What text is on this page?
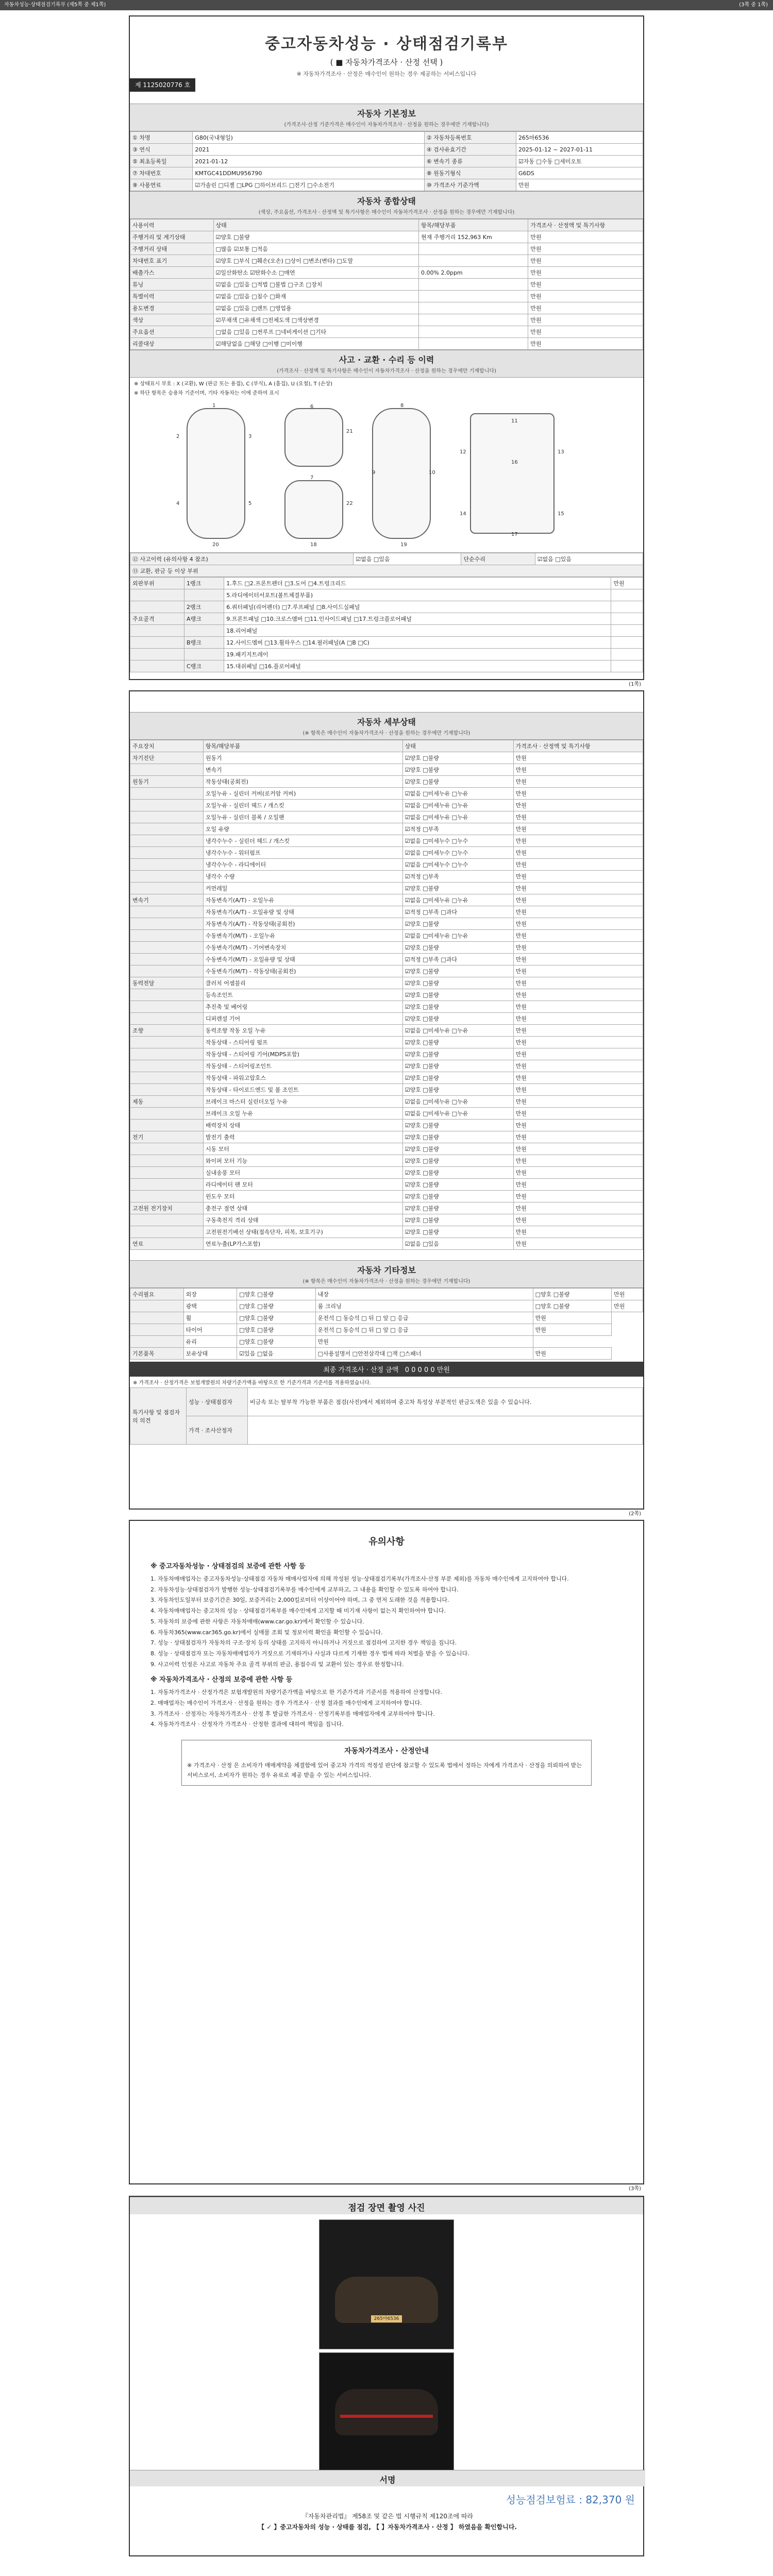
자동차성능·상태점검기록부 (제5쪽 중 제1쪽)	(3쪽 중 1쪽)
중고자동차성능 · 상태점검기록부
( ■ 자동차가격조사 · 산정 선택 )
※ 자동차가격조사 · 산정은 매수인이 원하는 경우 제공하는 서비스입니다
제 1125020776 호
자동차 기본정보
(가격조사·산정 기준가격은 매수인이 자동차가격조사 · 산정을 원하는 경우에만 기재합니다)
① 차명	G80(국내형일)	② 자동차등록번호	265마6536
③ 연식	2021	④ 검사유효기간	2025-01-12 ~ 2027-01-11
⑤ 최초등록일	2021-01-12	⑥ 변속기 종류	☑자동 □수동 □세미오토
⑦ 차대번호	KMTGC41DDMU956790	⑧ 원동기형식	G6DS
⑨ 사용연료	☑가솔린 □디젤 □LPG □하이브리드 □전기 □수소전기	⑩ 가격조사 기준가액	만원
자동차 종합상태
(색상, 주요옵션, 가격조사 · 산정액 및 특기사항은 매수인이 자동차가격조사 · 산정을 원하는 경우에만 기재합니다)
사용이력	상태	항목/해당부품	가격조사 · 산정액 및 특기사항
주행거리 및 계기상태	☑양호 □불량	현재 주행거리 152,963 Km	만원
주행거리 상태	□많음 ☑보통 □적음		만원
차대번호 표기	☑양호 □부식 □훼손(오손) □상이 □변조(변타) □도말		만원
배출가스	☑일산화탄소 ☑탄화수소 □매연	0.00% 2.0ppm	만원
튜닝	☑없음 □있음 □적법 □불법 □구조 □장치		만원
특별이력	☑없음 □있음 □침수 □화재		만원
용도변경	☑없음 □있음 □렌트 □영업용		만원
색상	☑무채색 □유채색 □전체도색 □색상변경		만원
주요옵션	□없음 □있음 □썬루프 □네비게이션 □기타		만원
리콜대상	☑해당없음 □해당 □이행 □미이행		만원
사고 · 교환 · 수리 등 이력
(가격조사 · 산정액 및 특기사항은 매수인이 자동차가격조사 · 산정을 원하는 경우에만 기재합니다)
※ 상태표시 부호 : X (교환), W (판금 또는 용접), C (부식), A (흠집), U (요철), T (손상)
※ 하단 항목은 승용차 기준이며, 기타 자동차는 이에 준하여 표시
1
2	3
4	5
6
7
8
9	10
11
12	13
14	15
16
17
18	19
20
21
22
⑫ 사고이력 (유의사항 4 참조)	☑없음 □있음	단순수리	☑없음 □있음
⑬ 교환, 판금 등 이상 부위
외판부위	1랭크	1.후드 □2.프론트펜더 □3.도어 □4.트렁크리드	만원
		5.라디에이터서포트(볼트체결부품)	
	2랭크	6.쿼터패널(리어펜더) □7.루프패널 □8.사이드실패널	
주요골격	A랭크	9.프론트패널 □10.크로스멤버 □11.인사이드패널 □17.트렁크플로어패널	
		18.리어패널	
	B랭크	12.사이드멤버 □13.휠하우스 □14.필러패널(A □B □C)	
		19.패키지트레이	
	C랭크	15.대쉬패널 □16.플로어패널	
(1쪽)
자동차 세부상태
(※ 항목은 매수인이 자동차가격조사 · 산정을 원하는 경우에만 기재합니다)
주요장치	항목/해당부품	상태	가격조사 · 산정액 및 특기사항
자기진단	원동기	☑양호 □불량	만원
	변속기	☑양호 □불량	만원
원동기	작동상태(공회전)	☑양호 □불량	만원
	오일누유 - 실린더 커버(로커암 커버)	☑없음 □미세누유 □누유	만원
	오일누유 - 실린더 헤드 / 개스킷	☑없음 □미세누유 □누유	만원
	오일누유 - 실린더 블록 / 오일팬	☑없음 □미세누유 □누유	만원
	오일 유량	☑적정 □부족	만원
	냉각수누수 - 실린더 헤드 / 개스킷	☑없음 □미세누수 □누수	만원
	냉각수누수 - 워터펌프	☑없음 □미세누수 □누수	만원
	냉각수누수 - 라디에이터	☑없음 □미세누수 □누수	만원
	냉각수 수량	☑적정 □부족	만원
	커먼레일	☑양호 □불량	만원
변속기	자동변속기(A/T) - 오일누유	☑없음 □미세누유 □누유	만원
	자동변속기(A/T) - 오일유량 및 상태	☑적정 □부족 □과다	만원
	자동변속기(A/T) - 작동상태(공회전)	☑양호 □불량	만원
	수동변속기(M/T) - 오일누유	☑없음 □미세누유 □누유	만원
	수동변속기(M/T) - 기어변속장치	☑양호 □불량	만원
	수동변속기(M/T) - 오일유량 및 상태	☑적정 □부족 □과다	만원
	수동변속기(M/T) - 작동상태(공회전)	☑양호 □불량	만원
동력전달	클러치 어셈블리	☑양호 □불량	만원
	등속조인트	☑양호 □불량	만원
	추진축 및 베어링	☑양호 □불량	만원
	디퍼렌셜 기어	☑양호 □불량	만원
조향	동력조향 작동 오일 누유	☑없음 □미세누유 □누유	만원
	작동상태 - 스티어링 펌프	☑양호 □불량	만원
	작동상태 - 스티어링 기어(MDPS포함)	☑양호 □불량	만원
	작동상태 - 스티어링조인트	☑양호 □불량	만원
	작동상태 - 파워고압호스	☑양호 □불량	만원
	작동상태 - 타이로드엔드 및 볼 조인트	☑양호 □불량	만원
제동	브레이크 마스터 실린더오일 누유	☑없음 □미세누유 □누유	만원
	브레이크 오일 누유	☑없음 □미세누유 □누유	만원
	배력장치 상태	☑양호 □불량	만원
전기	발전기 출력	☑양호 □불량	만원
	시동 모터	☑양호 □불량	만원
	와이퍼 모터 기능	☑양호 □불량	만원
	실내송풍 모터	☑양호 □불량	만원
	라디에이터 팬 모터	☑양호 □불량	만원
	윈도우 모터	☑양호 □불량	만원
고전원 전기장치	충전구 절연 상태	☑양호 □불량	만원
	구동축전지 격리 상태	☑양호 □불량	만원
	고전원전기배선 상태(접속단자, 피복, 보호기구)	☑양호 □불량	만원
연료	연료누출(LP가스포함)	☑없음 □있음	만원
자동차 기타정보
(※ 항목은 매수인이 자동차가격조사 · 산정을 원하는 경우에만 기재합니다)
수리필요	외장	□양호 □불량	내장	□양호 □불량	만원
	광택	□양호 □불량	룸 크리닝	□양호 □불량	만원
	휠	□양호 □불량	운전석 □ 동승석 □ 뒤 □ 앞 □ 응급	만원	
	타이어	□양호 □불량	운전석 □ 동승석 □ 뒤 □ 앞 □ 응급	만원	
	유리	□양호 □불량	만원		
기본품목	보유상태	☑있음 □없음	□사용설명서 □안전삼각대 □잭 □스패너	만원	
최종 가격조사 · 산정 금액 0 0 0 0 0 만원
※ 가격조사 · 산정가격은 보험개발원의 차량기준가액을 바탕으로 한 기준가격과 기준서를 적용하였습니다.
특기사항 및 점검자의 의견	성능 · 상태점검자	비금속 또는 탈부착 가능한 부품은 점검(사진)에서 제외하며 중고차 특성상 부분적인 판금도색은 있을 수 있습니다.
	가격 · 조사산정자	
(2쪽)
유의사항
※ 중고자동차성능 · 상태점검의 보증에 관한 사항 등

1. 자동차매매업자는 중고자동차성능·상태점검 자동차 매매사업자에 의해 작성된 성능·상태점검기록부(가격조사·산정 부분 제외)를 자동차 매수인에게 고지하여야 합니다.

2. 자동차성능·상태점검자가 발행한 성능·상태점검기록부를 매수인에게 교부하고, 그 내용을 확인할 수 있도록 하여야 합니다.

3. 자동차인도일부터 보증기간은 30일, 보증거리는 2,000킬로미터 이상이어야 하며, 그 중 먼저 도래한 것을 적용합니다.

4. 자동차매매업자는 중고차의 성능 · 상태점검기록부를 매수인에게 고지할 때 미기재 사항이 없는지 확인하여야 합니다.

5. 자동차의 보증에 관한 사항은 자동차매매(www.car.go.kr)에서 확인할 수 있습니다.

6. 자동차365(www.car365.go.kr)에서 실매물 조회 및 정보이력 확인을 확인할 수 있습니다.

7. 성능 · 상태점검자가 자동차의 구조·장치 등의 상태를 고지하지 아니하거나 거짓으로 점검하여 고지한 경우 책임을 집니다.

8. 성능 · 상태점검자 또는 자동차매매업자가 거짓으로 기재하거나 사실과 다르게 기재한 경우 법에 따라 처벌을 받을 수 있습니다.

9. 사고이력 인정은 사고로 자동차 주요 골격 부위의 판금, 용접수리 및 교환이 있는 경우로 한정합니다.

※ 자동차가격조사 · 산정의 보증에 관한 사항 등

1. 자동차가격조사 · 산정가격은 보험개발원의 차량기준가액을 바탕으로 한 기준가격과 기준서를 적용하여 산정합니다.

2. 매매업자는 매수인이 가격조사 · 산정을 원하는 경우 가격조사 · 산정 결과를 매수인에게 고지하여야 합니다.

3. 가격조사 · 산정자는 자동차가격조사 · 산정 후 발급한 가격조사 · 산정기록부를 매매업자에게 교부하여야 합니다.

4. 자동차가격조사 · 산정자가 가격조사 · 산정한 결과에 대하여 책임을 집니다.

자동차가격조사 · 산정안내
※ 가격조사 · 산정 은 소비자가 매매계약을 체결함에 있어 중고차 가격의 적정성 판단에 참고할 수 있도록 법에서 정하는 자에게 가격조사 · 산정을 의뢰하여 받는 서비스로서, 소비자가 원하는 경우 유료로 제공 받을 수 있는 서비스입니다.
(3쪽)
점검 장면 촬영 사진
265마6536
서명
성능점검보험료 : 82,370 원
『자동차관리법』 제58조 및 같은 법 시행규칙 제120조에 따라
【 ✓ 】중고자동차의 성능 · 상태를 점검, 【 】자동차가격조사 · 산정 】 하였음을 확인합니다.
